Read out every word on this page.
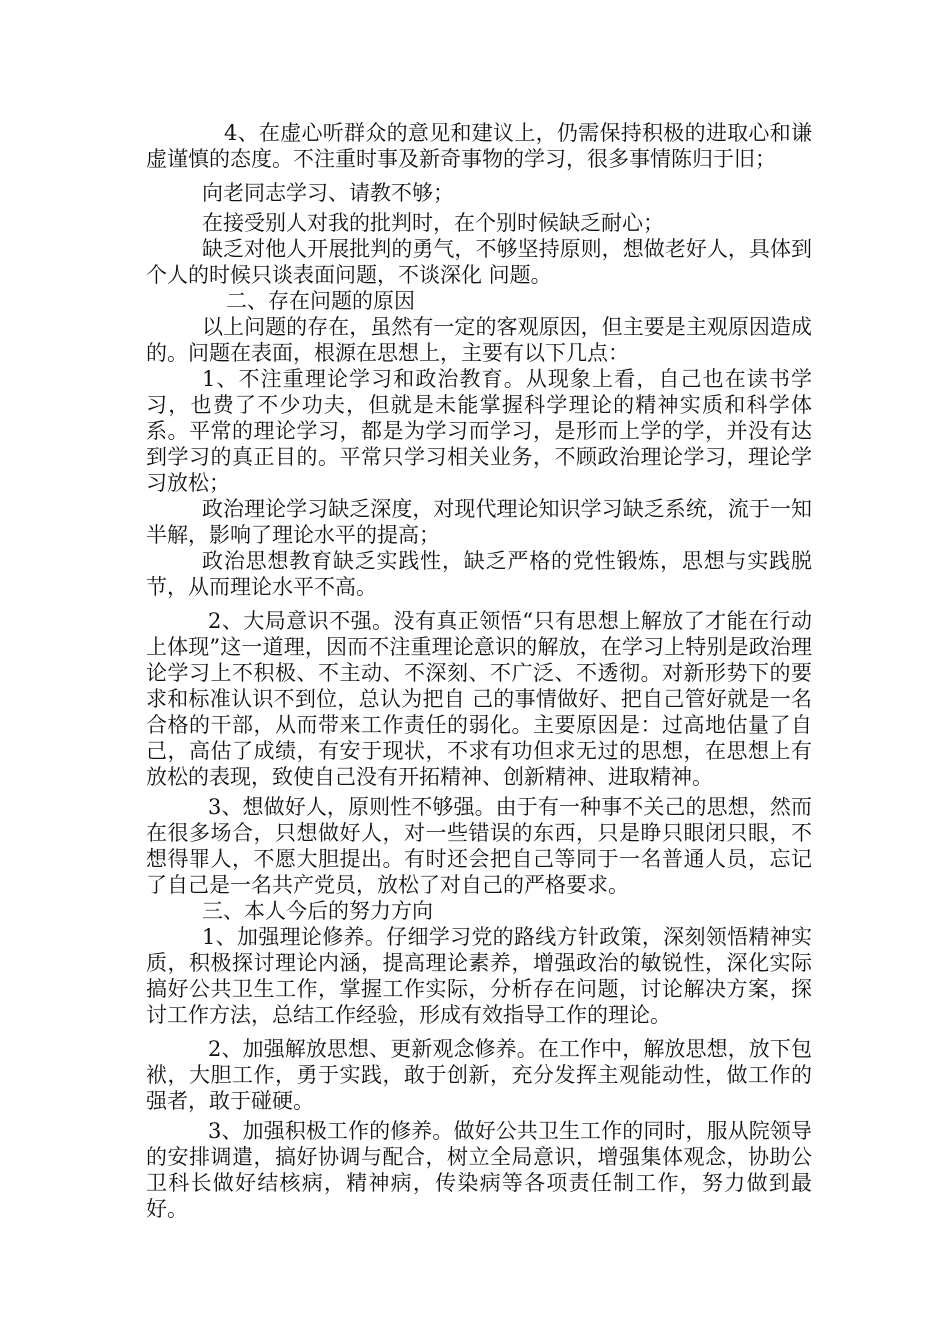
4、在虚心听群众的意见和建议上，仍需保持积极的进取心和谦虚谨慎的态度。不注重时事及新奇事物的学习，很多事情陈归于旧；

向老同志学习、请教不够；

在接受别人对我的批判时，在个别时候缺乏耐心；

缺乏对他人开展批判的勇气，不够坚持原则，想做老好人，具体到个人的时候只谈表面问题，不谈深化 问题。

二、存在问题的原因

以上问题的存在，虽然有一定的客观原因，但主要是主观原因造成的。问题在表面，根源在思想上，主要有以下几点：

1、不注重理论学习和政治教育。从现象上看，自己也在读书学习，也费了不少功夫，但就是未能掌握科学理论的精神实质和科学体系。平常的理论学习，都是为学习而学习，是形而上学的学，并没有达到学习的真正目的。平常只学习相关业务，不顾政治理论学习，理论学习放松；

政治理论学习缺乏深度，对现代理论知识学习缺乏系统，流于一知半解，影响了理论水平的提高；

政治思想教育缺乏实践性，缺乏严格的党性锻炼，思想与实践脱节，从而理论水平不高。

2、大局意识不强。没有真正领悟“只有思想上解放了才能在行动上体现”这一道理，因而不注重理论意识的解放，在学习上特别是政治理论学习上不积极、不主动、不深刻、不广泛、不透彻。对新形势下的要求和标准认识不到位，总认为把自 己的事情做好、把自己管好就是一名合格的干部，从而带来工作责任的弱化。主要原因是：过高地估量了自己，高估了成绩，有安于现状，不求有功但求无过的思想，在思想上有放松的表现，致使自己没有开拓精神、创新精神、进取精神。

3、想做好人，原则性不够强。由于有一种事不关己的思想，然而在很多场合，只想做好人，对一些错误的东西，只是睁只眼闭只眼，不想得罪人，不愿大胆提出。有时还会把自己等同于一名普通人员，忘记了自己是一名共产党员，放松了对自己的严格要求。

三、本人今后的努力方向

1、加强理论修养。仔细学习党的路线方针政策，深刻领悟精神实质，积极探讨理论内涵，提高理论素养，增强政治的敏锐性，深化实际搞好公共卫生工作，掌握工作实际，分析存在问题，讨论解决方案，探讨工作方法，总结工作经验，形成有效指导工作的理论。

2、加强解放思想、更新观念修养。在工作中，解放思想，放下包袱，大胆工作，勇于实践，敢于创新，充分发挥主观能动性，做工作的强者，敢于碰硬。

3、加强积极工作的修养。做好公共卫生工作的同时，服从院领导的安排调遣，搞好协调与配合，树立全局意识，增强集体观念，协助公卫科长做好结核病，精神病，传染病等各项责任制工作，努力做到最好。
